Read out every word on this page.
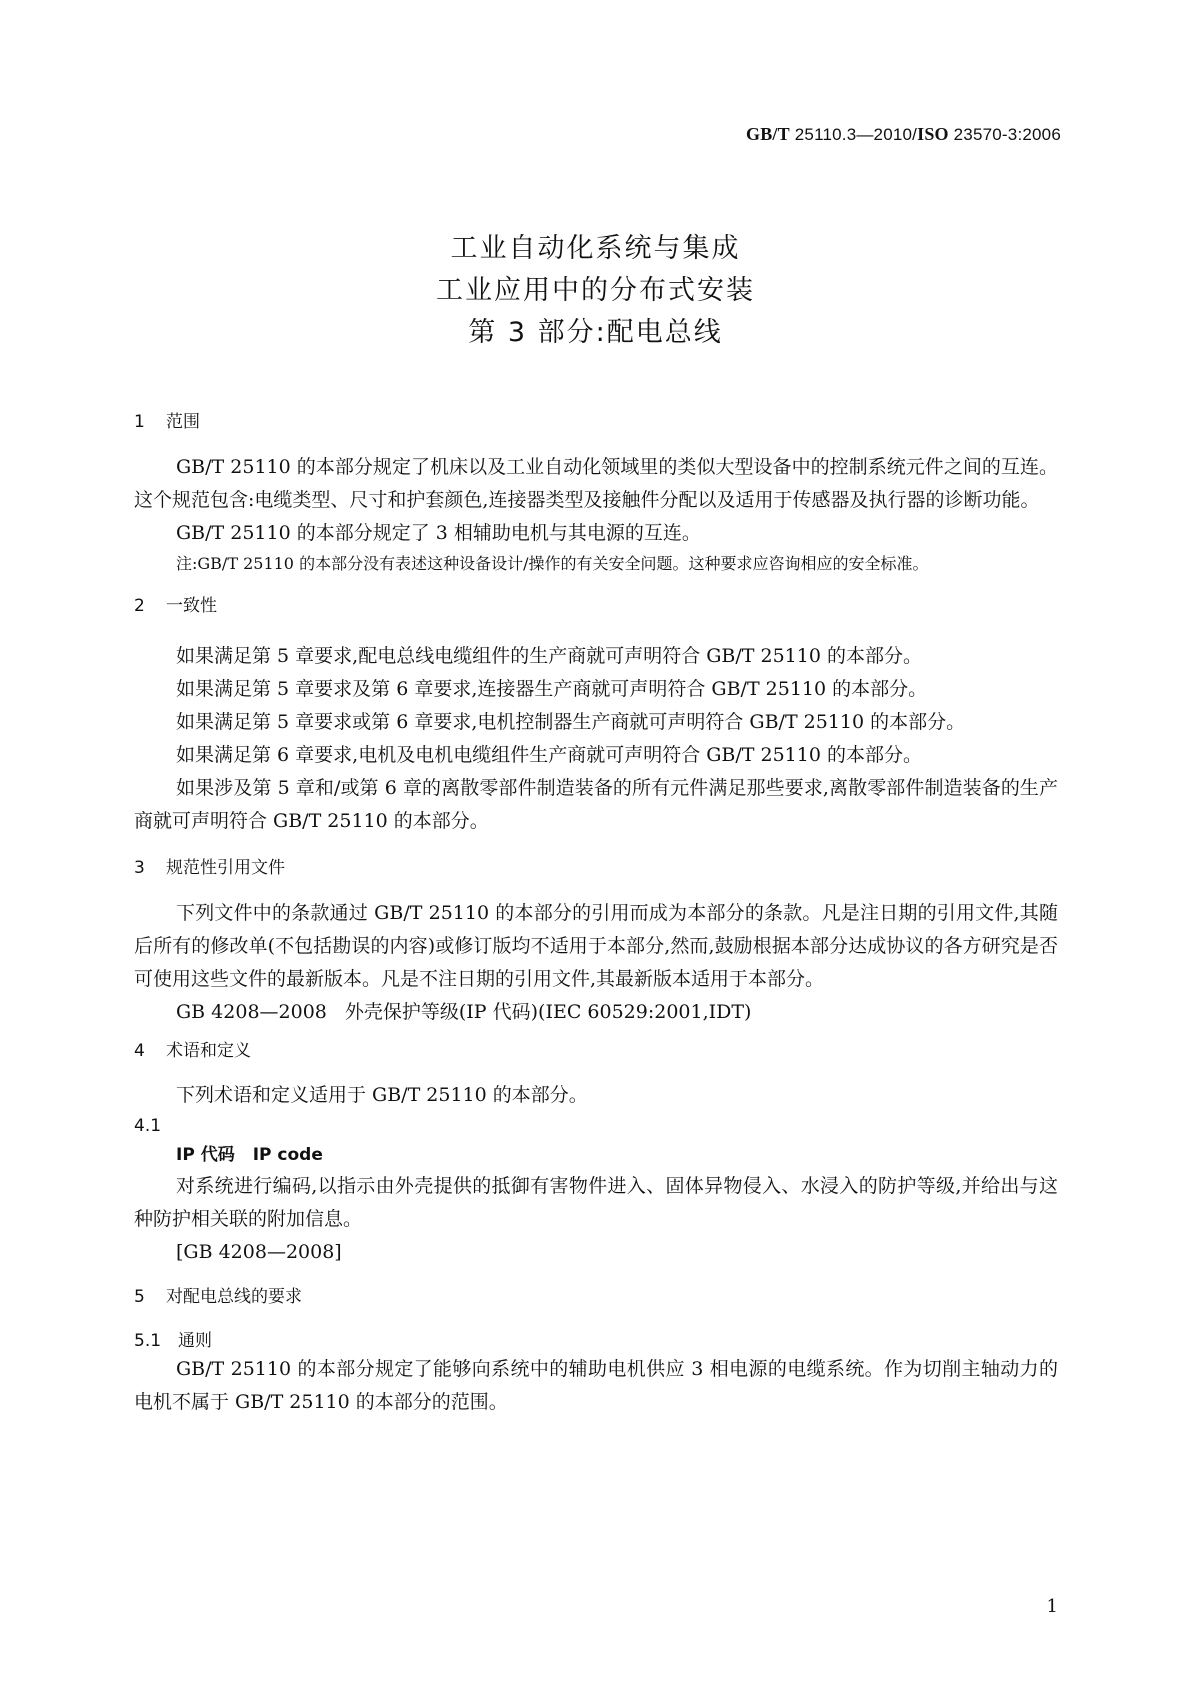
GB/T 25110.3—2010/ISO 23570-3:2006
工业自动化系统与集成
工业应用中的分布式安装
第 3 部分:配电总线
1 范围

GB/T 25110 的本部分规定了机床以及工业自动化领域里的类似大型设备中的控制系统元件之间的互连。这个规范包含:电缆类型、尺寸和护套颜色,连接器类型及接触件分配以及适用于传感器及执行器的诊断功能。

GB/T 25110 的本部分规定了 3 相辅助电机与其电源的互连。

注:GB/T 25110 的本部分没有表述这种设备设计/操作的有关安全问题。这种要求应咨询相应的安全标准。

2 一致性

如果满足第 5 章要求,配电总线电缆组件的生产商就可声明符合 GB/T 25110 的本部分。

如果满足第 5 章要求及第 6 章要求,连接器生产商就可声明符合 GB/T 25110 的本部分。

如果满足第 5 章要求或第 6 章要求,电机控制器生产商就可声明符合 GB/T 25110 的本部分。

如果满足第 6 章要求,电机及电机电缆组件生产商就可声明符合 GB/T 25110 的本部分。

如果涉及第 5 章和/或第 6 章的离散零部件制造装备的所有元件满足那些要求,离散零部件制造装备的生产商就可声明符合 GB/T 25110 的本部分。

3 规范性引用文件

下列文件中的条款通过 GB/T 25110 的本部分的引用而成为本部分的条款。凡是注日期的引用文件,其随后所有的修改单(不包括勘误的内容)或修订版均不适用于本部分,然而,鼓励根据本部分达成协议的各方研究是否可使用这些文件的最新版本。凡是不注日期的引用文件,其最新版本适用于本部分。

GB 4208—2008 外壳保护等级(IP 代码)(IEC 60529:2001,IDT)

4 术语和定义

下列术语和定义适用于 GB/T 25110 的本部分。

4.1

IP 代码 IP code

对系统进行编码,以指示由外壳提供的抵御有害物件进入、固体异物侵入、水浸入的防护等级,并给出与这种防护相关联的附加信息。

[GB 4208—2008]

5 对配电总线的要求
5.1 通则

GB/T 25110 的本部分规定了能够向系统中的辅助电机供应 3 相电源的电缆系统。作为切削主轴动力的电机不属于 GB/T 25110 的本部分的范围。

1
